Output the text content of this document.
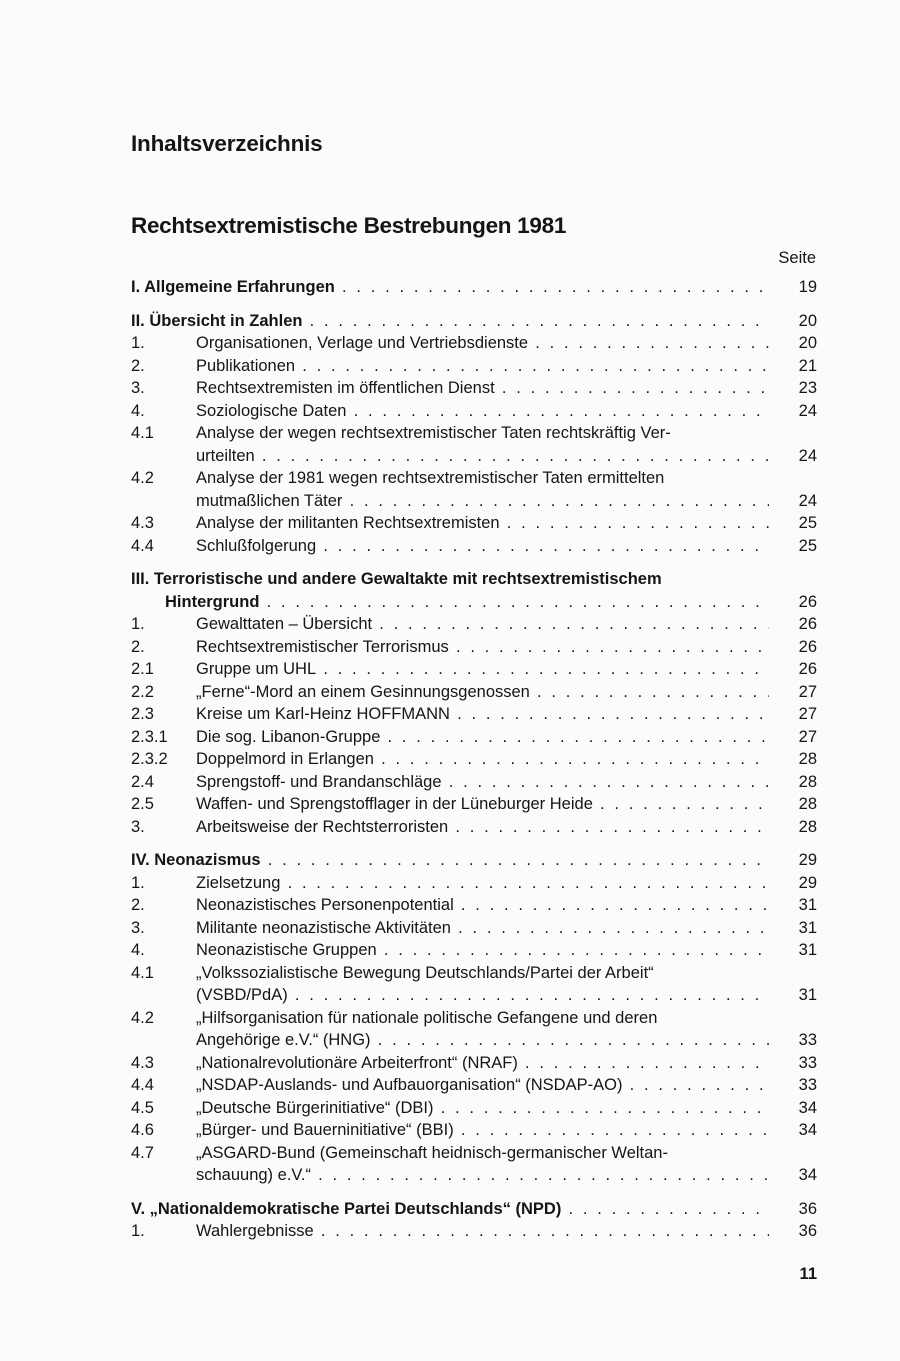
Inhaltsverzeichnis
Rechtsextremistische Bestrebungen 1981
Seite
I. Allgemeine Erfahrungen . . .	19
II. Übersicht in Zahlen . . .	20
1.	Organisationen, Verlage und Vertriebsdienste . . .	20
2.	Publikationen . . .	21
3.	Rechtsextremisten im öffentlichen Dienst . . .	23
4.	Soziologische Daten . . .	24
4.1	Analyse der wegen rechtsextremistischer Taten rechtskräftig Ver-
urteilten . . .	24
4.2	Analyse der 1981 wegen rechtsextremistischer Taten ermittelten
mutmaßlichen Täter . . .	24
4.3	Analyse der militanten Rechtsextremisten . . .	25
4.4	Schlußfolgerung . . .	25
III. Terroristische und andere Gewaltakte mit rechtsextremistischem
Hintergrund . . .	26
1.	Gewalttaten – Übersicht . . .	26
2.	Rechtsextremistischer Terrorismus . . .	26
2.1	Gruppe um UHL . . .	26
2.2	„Ferne“-Mord an einem Gesinnungsgenossen . . .	27
2.3	Kreise um Karl-Heinz HOFFMANN . . .	27
2.3.1 Die sog. Libanon-Gruppe . . .	27
2.3.2 Doppelmord in Erlangen . . .	28
2.4	Sprengstoff- und Brandanschläge . . .	28
2.5	Waffen- und Sprengstofflager in der Lüneburger Heide . . .	28
3.	Arbeitsweise der Rechtsterroristen . . .	28
IV. Neonazismus . . .	29
1.	Zielsetzung . . .	29
2.	Neonazistisches Personenpotential . . .	31
3.	Militante neonazistische Aktivitäten . . .	31
4.	Neonazistische Gruppen . . .	31
4.1	„Volkssozialistische Bewegung Deutschlands/Partei der Arbeit“
(VSBD/PdA) . . .	31
4.2	„Hilfsorganisation für nationale politische Gefangene und deren
Angehörige e.V.“ (HNG) . . .	33
4.3	„Nationalrevolutionäre Arbeiterfront“ (NRAF) . . .	33
4.4	„NSDAP-Auslands- und Aufbauorganisation“ (NSDAP-AO) . . .	33
4.5	„Deutsche Bürgerinitiative“ (DBI) . . .	34
4.6	„Bürger- und Bauerninitiative“ (BBI) . . .	34
4.7	„ASGARD-Bund (Gemeinschaft heidnisch-germanischer Weltan-
schauung) e.V.“ . . .	34
V. „Nationaldemokratische Partei Deutschlands“ (NPD) . . .	36
1.	Wahlergebnisse . . .	36
11
